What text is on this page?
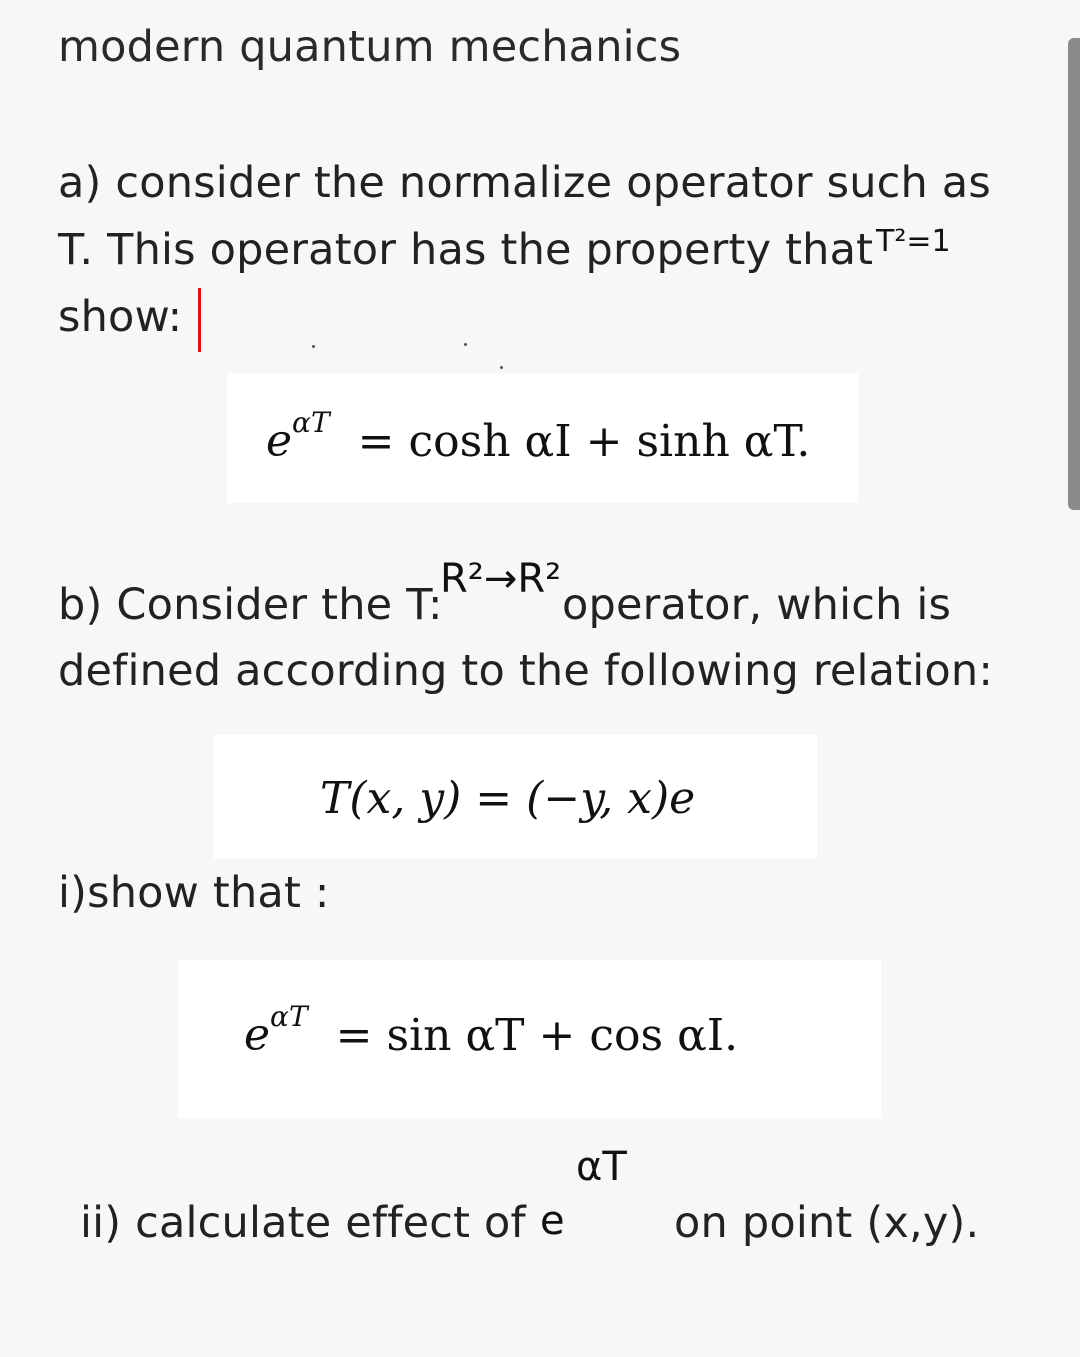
modern quantum mechanics
a) consider the normalize operator such as
T. This operator has the property that T²=1
show:
$e^{\alpha T} = \cosh \alpha I + \sinh \alpha T$.
R²→R²
b) Consider the T:	operator, which is
defined according to the following relation:
T(x, y) = (−y, x)e
i)show that :
$e^{\alpha T} = \sin \alpha T + \cos \alpha I$.
ii) calculate effect of e
αT
on point (x,y).
